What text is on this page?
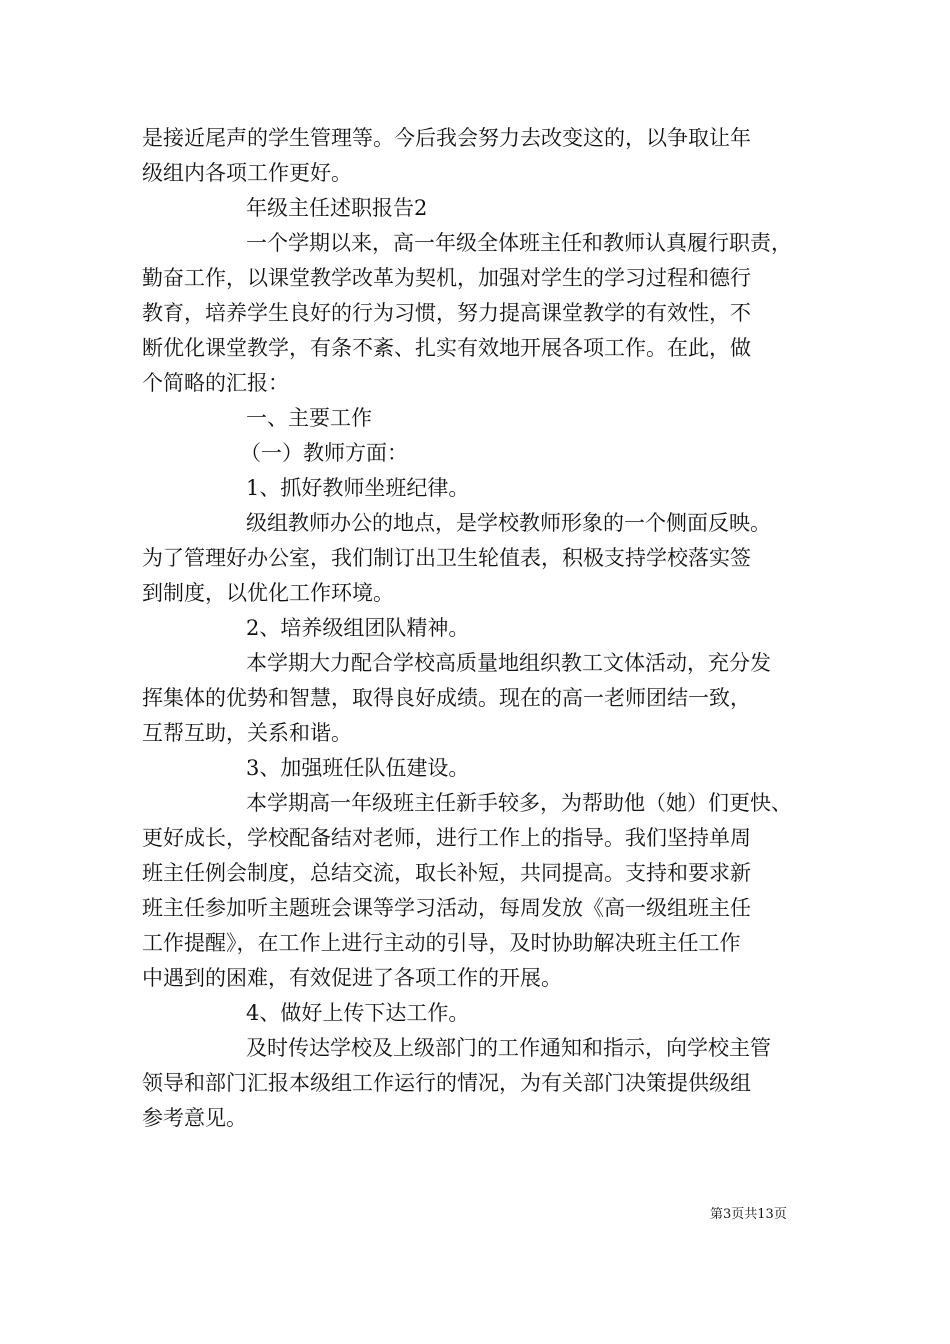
是接近尾声的学生管理等。今后我会努力去改变这的，以争取让年
级组内各项工作更好。
年级主任述职报告2
一个学期以来，高一年级全体班主任和教师认真履行职责，
勤奋工作，以课堂教学改革为契机，加强对学生的学习过程和德行
教育，培养学生良好的行为习惯，努力提高课堂教学的有效性，不
断优化课堂教学，有条不紊、扎实有效地开展各项工作。在此，做
个简略的汇报：
一、主要工作
（一）教师方面：
1、抓好教师坐班纪律。
级组教师办公的地点，是学校教师形象的一个侧面反映。
为了管理好办公室，我们制订出卫生轮值表，积极支持学校落实签
到制度，以优化工作环境。
2、培养级组团队精神。
本学期大力配合学校高质量地组织教工文体活动，充分发
挥集体的优势和智慧，取得良好成绩。现在的高一老师团结一致，
互帮互助，关系和谐。
3、加强班任队伍建设。
本学期高一年级班主任新手较多，为帮助他（她）们更快、
更好成长，学校配备结对老师，进行工作上的指导。我们坚持单周
班主任例会制度，总结交流，取长补短，共同提高。支持和要求新
班主任参加听主题班会课等学习活动，每周发放《高一级组班主任
工作提醒》，在工作上进行主动的引导，及时协助解决班主任工作
中遇到的困难，有效促进了各项工作的开展。
4、做好上传下达工作。
及时传达学校及上级部门的工作通知和指示，向学校主管
领导和部门汇报本级组工作运行的情况，为有关部门决策提供级组
参考意见。
第3页共13页
